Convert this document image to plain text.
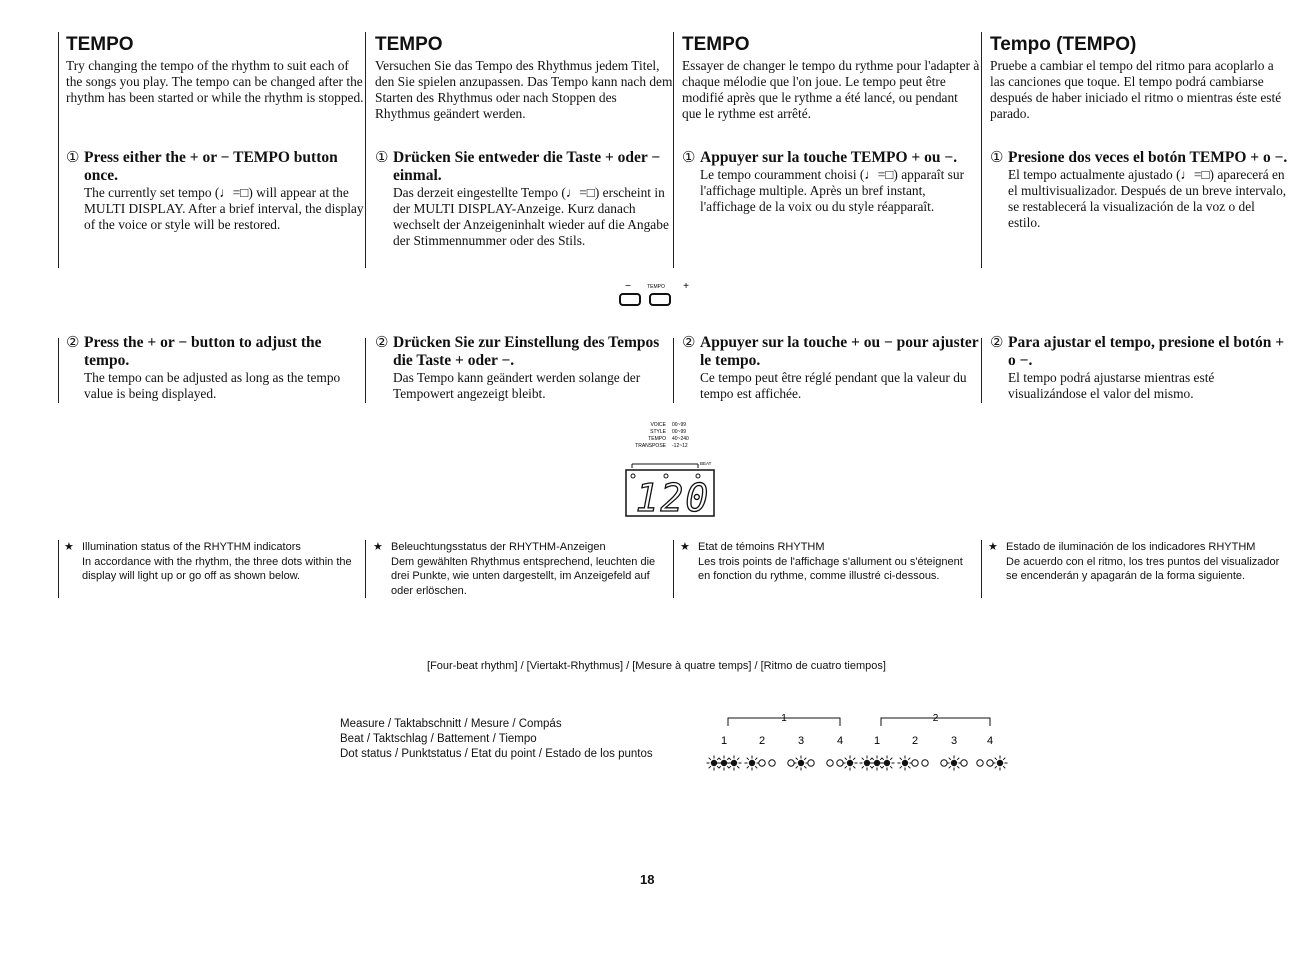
TEMPO

Try changing the tempo of the rhythm to suit each of the songs you play. The tempo can be changed after the rhythm has been started or while the rhythm is stopped.

① Press either the + or − TEMPO button once.

The currently set tempo (♩=□) will appear at the MULTI DISPLAY. After a brief interval, the display of the voice or style will be restored.

② Press the + or − button to adjust the tempo.

The tempo can be adjusted as long as the tempo value is being displayed.

★ Illumination status of the RHYTHM indicators
In accordance with the rhythm, the three dots within the display will light up or go off as shown below.
TEMPO

Versuchen Sie das Tempo des Rhythmus jedem Titel, den Sie spielen anzupassen. Das Tempo kann nach dem Starten des Rhythmus oder nach Stoppen des Rhythmus geändert werden.

① Drücken Sie entweder die Taste + oder − einmal.

Das derzeit eingestellte Tempo (♩=□) erscheint in der MULTI DISPLAY-Anzeige. Kurz danach wechselt der Anzeigeninhalt wieder auf die Angabe der Stimmennummer oder des Stils.

② Drücken Sie zur Einstellung des Tempos die Taste + oder −.

Das Tempo kann geändert werden solange der Tempowert angezeigt bleibt.

★ Beleuchtungsstatus der RHYTHM-Anzeigen
Dem gewählten Rhythmus entsprechend, leuchten die drei Punkte, wie unten dargestellt, im Anzeigefeld auf oder erlöschen.
TEMPO

Essayer de changer le tempo du rythme pour l'adapter à chaque mélodie que l'on joue. Le tempo peut être modifié après que le rythme a été lancé, ou pendant que le rythme est arrêté.

① Appuyer sur la touche TEMPO + ou −.

Le tempo couramment choisi (♩=□) apparaît sur l'affichage multiple. Après un bref instant, l'affichage de la voix ou du style réapparaît.

② Appuyer sur la touche + ou − pour ajuster le tempo.

Ce tempo peut être réglé pendant que la valeur du tempo est affichée.

★ Etat de témoins RHYTHM
Les trois points de l'affichage s'allument ou s'éteignent en fonction du rythme, comme illustré ci-dessous.
Tempo (TEMPO)

Pruebe a cambiar el tempo del ritmo para acoplarlo a las canciones que toque. El tempo podrá cambiarse después de haber iniciado el ritmo o mientras éste esté parado.

① Presione dos veces el botón TEMPO + o −.

El tempo actualmente ajustado (♩=□) aparecerá en el multivisualizador. Después de un breve intervalo, se restablecerá la visualización de la voz o del estilo.

② Para ajustar el tempo, presione el botón + o −.

El tempo podrá ajustarse mientras esté visualizándose el valor del mismo.

★ Estado de iluminación de los indicadores RHYTHM
De acuerdo con el ritmo, los tres puntos del visualizador se encenderán y apagarán de la forma siguiente.
−	TEMPO +
VOICE 00~99
STYLE 00~99
TEMPO 40~240
TRANSPOSE -12~12
BEAT
120
[Four-beat rhythm] / [Viertakt-Rhythmus] / [Mesure à quatre temps] / [Ritmo de cuatro tiempos]
Measure / Taktabschnitt / Mesure / Compás
Beat / Taktschlag / Battement / Tiempo
Dot status / Punktstatus / Etat du point / Estado de los puntos
1	2
1	2	3	4	1	2	3	4
18
